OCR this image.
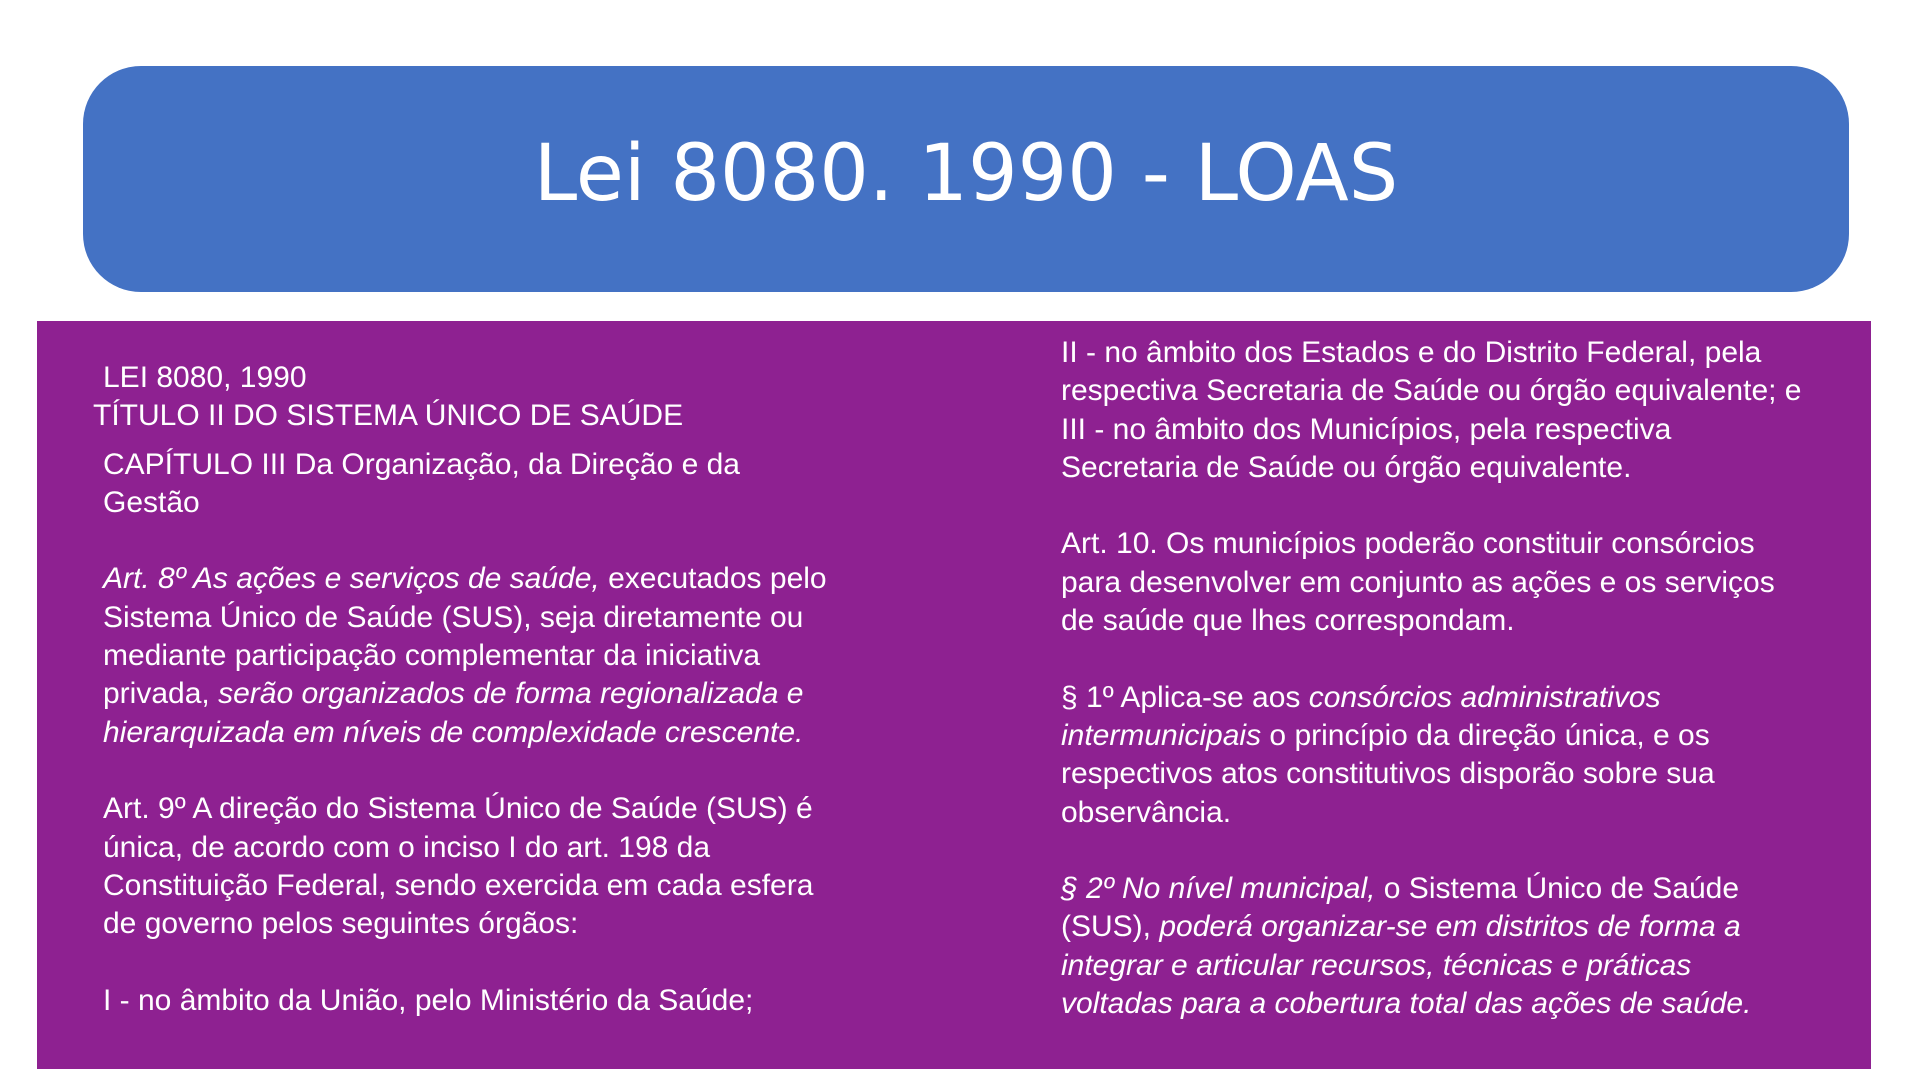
Lei 8080. 1990 - LOAS
LEI 8080, 1990
TÍTULO II DO SISTEMA ÚNICO DE SAÚDE
CAPÍTULO III Da Organização, da Direção e da
Gestão
Art. 8º As ações e serviços de saúde, executados pelo
Sistema Único de Saúde (SUS), seja diretamente ou
mediante participação complementar da iniciativa
privada, serão organizados de forma regionalizada e
hierarquizada em níveis de complexidade crescente.
Art. 9º A direção do Sistema Único de Saúde (SUS) é
única, de acordo com o inciso I do art. 198 da
Constituição Federal, sendo exercida em cada esfera
de governo pelos seguintes órgãos:
I - no âmbito da União, pelo Ministério da Saúde;
II - no âmbito dos Estados e do Distrito Federal, pela
respectiva Secretaria de Saúde ou órgão equivalente; e
III - no âmbito dos Municípios, pela respectiva
Secretaria de Saúde ou órgão equivalente.
Art. 10. Os municípios poderão constituir consórcios
para desenvolver em conjunto as ações e os serviços
de saúde que lhes correspondam.
§ 1º Aplica-se aos consórcios administrativos
intermunicipais o princípio da direção única, e os
respectivos atos constitutivos disporão sobre sua
observância.
§ 2º No nível municipal, o Sistema Único de Saúde
(SUS), poderá organizar-se em distritos de forma a
integrar e articular recursos, técnicas e práticas
voltadas para a cobertura total das ações de saúde.
